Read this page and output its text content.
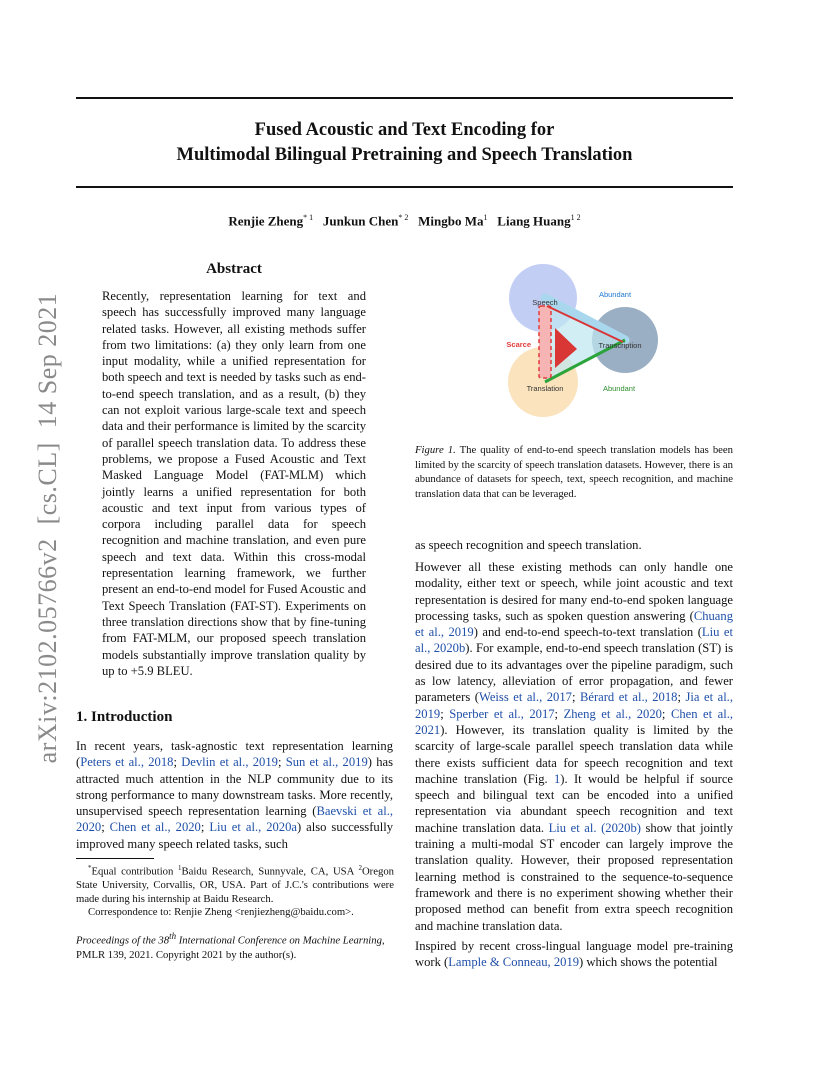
Fused Acoustic and Text Encoding for
Multimodal Bilingual Pretraining and Speech Translation
Renjie Zheng$^{* 1}$ Junkun Chen$^{* 2}$ Mingbo Ma$^1$ Liang Huang$^{1 2}$
arXiv:2102.05766v2  [cs.CL]  14 Sep 2021
Abstract
Recently, representation learning for text and speech has successfully improved many language related tasks. However, all existing methods suffer from two limitations: (a) they only learn from one input modality, while a unified representation for both speech and text is needed by tasks such as end-to-end speech translation, and as a result, (b) they can not exploit various large-scale text and speech data and their performance is limited by the scarcity of parallel speech translation data. To address these problems, we propose a Fused Acoustic and Text Masked Language Model (FAT-MLM) which jointly learns a unified representation for both acoustic and text input from various types of corpora including parallel data for speech recognition and machine translation, and even pure speech and text data. Within this cross-modal representation learning framework, we further present an end-to-end model for Fused Acoustic and Text Speech Translation (FAT-ST). Experiments on three translation directions show that by fine-tuning from FAT-MLM, our proposed speech translation models substantially improve translation quality by up to +5.9 BLEU.
1. Introduction
In recent years, task-agnostic text representation learning (Peters et al., 2018; Devlin et al., 2019; Sun et al., 2019) has attracted much attention in the NLP community due to its strong performance to many downstream tasks. More recently, unsupervised speech representation learning (Baevski et al., 2020; Chen et al., 2020; Liu et al., 2020a) also successfully improved many speech related tasks, such
*Equal contribution $^1$Baidu Research, Sunnyvale, CA, USA $^2$Oregon State University, Corvallis, OR, USA. Part of J.C.'s contributions were made during his internship at Baidu Research.
Correspondence to: Renjie Zheng <renjiezheng@baidu.com>.
Proceedings of the 38th International Conference on Machine Learning, PMLR 139, 2021. Copyright 2021 by the author(s).
Speech
Transcription
Translation
Abundant
Abundant
Scarce
Figure 1. The quality of end-to-end speech translation models has been limited by the scarcity of speech translation datasets. However, there is an abundance of datasets for speech, text, speech recognition, and machine translation data that can be leveraged.
as speech recognition and speech translation.
However all these existing methods can only handle one modality, either text or speech, while joint acoustic and text representation is desired for many end-to-end spoken language processing tasks, such as spoken question answering (Chuang et al., 2019) and end-to-end speech-to-text translation (Liu et al., 2020b). For example, end-to-end speech translation (ST) is desired due to its advantages over the pipeline paradigm, such as low latency, alleviation of error propagation, and fewer parameters (Weiss et al., 2017; Bérard et al., 2018; Jia et al., 2019; Sperber et al., 2017; Zheng et al., 2020; Chen et al., 2021). However, its translation quality is limited by the scarcity of large-scale parallel speech translation data while there exists sufficient data for speech recognition and text machine translation (Fig. 1). It would be helpful if source speech and bilingual text can be encoded into a unified representation via abundant speech recognition and text machine translation data. Liu et al. (2020b) show that jointly training a multi-modal ST encoder can largely improve the translation quality. However, their proposed representation learning method is constrained to the sequence-to-sequence framework and there is no experiment showing whether their proposed method can benefit from extra speech recognition and machine translation data.
Inspired by recent cross-lingual language model pre-training work (Lample & Conneau, 2019) which shows the potential
